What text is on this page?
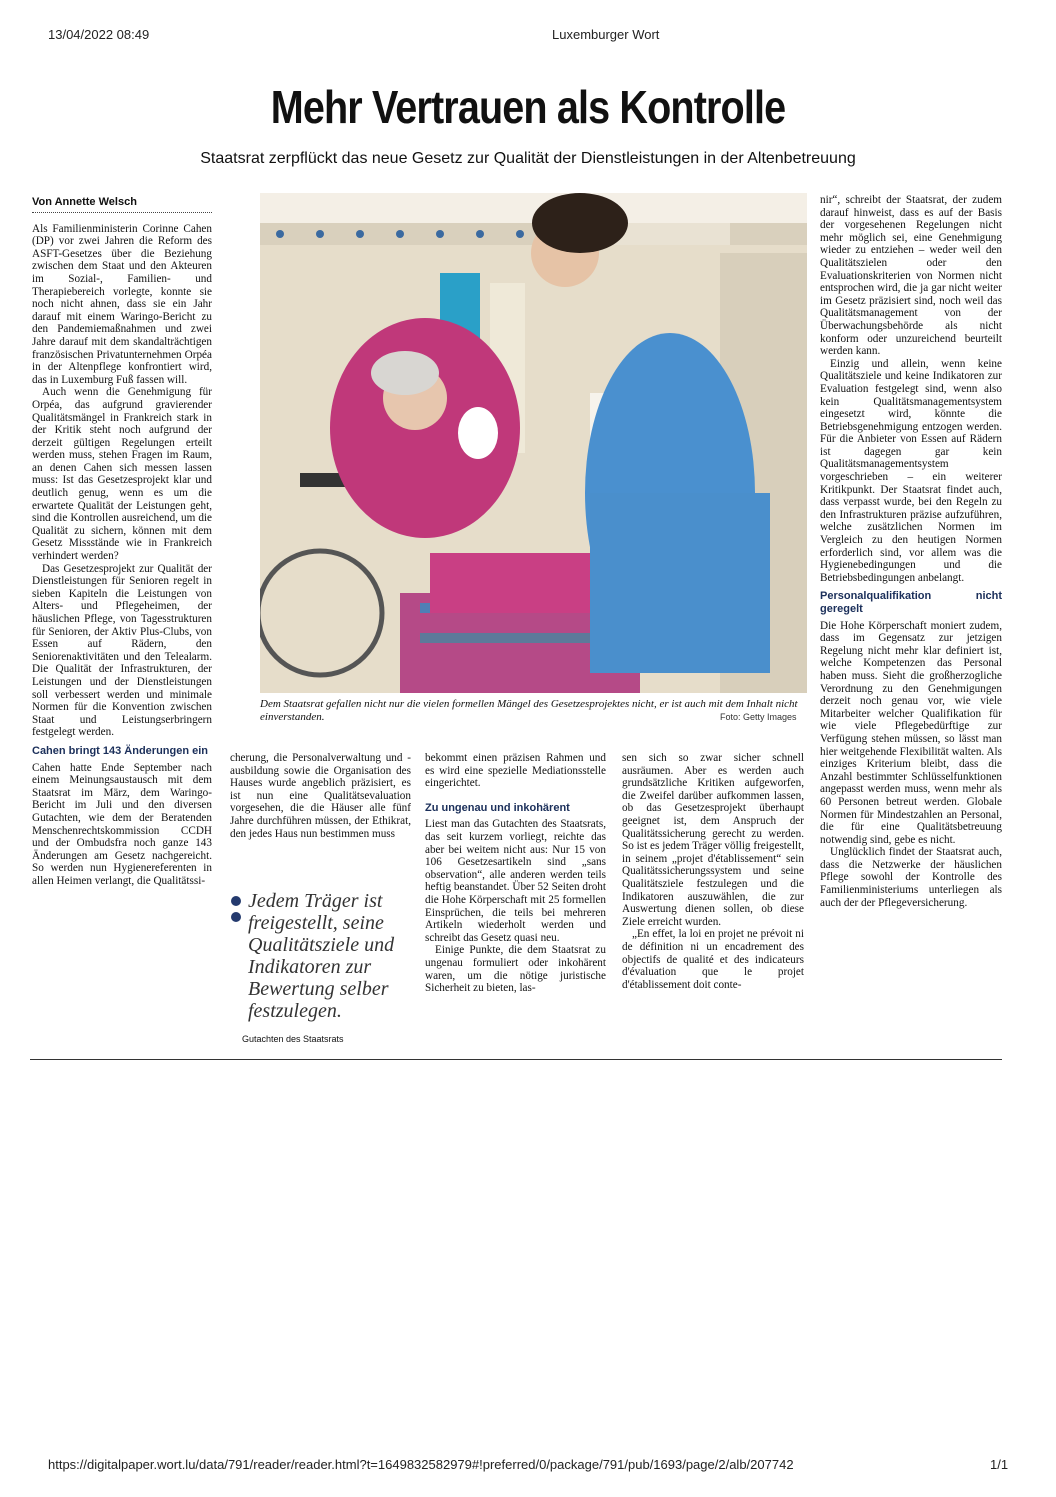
13/04/2022 08:49	Luxemburger Wort
Mehr Vertrauen als Kontrolle
Staatsrat zerpflückt das neue Gesetz zur Qualität der Dienstleistungen in der Altenbetreuung
Von Annette Welsch

Als Familienministerin Corinne Cahen (DP) vor zwei Jahren die Reform des ASFT-Gesetzes über die Beziehung zwischen dem Staat und den Akteuren im Sozial-, Familien- und Therapiebereich vorlegte, konnte sie noch nicht ahnen, dass sie ein Jahr darauf mit einem Waringo-Bericht zu den Pandemiemaßnahmen und zwei Jahre darauf mit dem skandalträchtigen französischen Privatunternehmen Orpéa in der Altenpflege konfrontiert wird, das in Luxemburg Fuß fassen will.

Auch wenn die Genehmigung für Orpéa, das aufgrund gravierender Qualitätsmängel in Frankreich stark in der Kritik steht noch aufgrund der derzeit gültigen Regelungen erteilt werden muss, stehen Fragen im Raum, an denen Cahen sich messen lassen muss: Ist das Gesetzesprojekt klar und deutlich genug, wenn es um die erwartete Qualität der Leistungen geht, sind die Kontrollen ausreichend, um die Qualität zu sichern, können mit dem Gesetz Missstände wie in Frankreich verhindert werden?

Das Gesetzesprojekt zur Qualität der Dienstleistungen für Senioren regelt in sieben Kapiteln die Leistungen von Alters- und Pflegeheimen, der häuslichen Pflege, von Tagesstrukturen für Senioren, der Aktiv Plus-Clubs, von Essen auf Rädern, den Seniorenaktivitäten und den Telealarm. Die Qualität der Infrastrukturen, der Leistungen und der Dienstleistungen soll verbessert werden und minimale Normen für die Konvention zwischen Staat und Leistungserbringern festgelegt werden.

Cahen bringt 143 Änderungen ein

Cahen hatte Ende September nach einem Meinungsaustausch mit dem Staatsrat im März, dem Waringo-Bericht im Juli und den diversen Gutachten, wie dem der Beratenden Menschenrechtskommission CCDH und der Ombudsfra noch ganze 143 Änderungen am Gesetz nachgereicht. So werden nun Hygienereferenten in allen Heimen verlangt, die Qualitätssi-

Dem Staatsrat gefallen nicht nur die vielen formellen Mängel des Gesetzesprojektes nicht, er ist auch mit dem Inhalt nicht einverstanden.	Foto: Getty Images

cherung, die Personalverwaltung und -ausbildung sowie die Organisation des Hauses wurde angeblich präzisiert, es ist nun eine Qualitätsevaluation vorgesehen, die die Häuser alle fünf Jahre durchführen müssen, der Ethikrat, den jedes Haus nun bestimmen muss

Jedem Träger ist freigestellt, seine Qualitätsziele und Indikatoren zur Bewertung selber festzulegen.
Gutachten des Staatsrats

bekommt einen präzisen Rahmen und es wird eine spezielle Mediationsstelle eingerichtet.

Zu ungenau und inkohärent

Liest man das Gutachten des Staatsrats, das seit kurzem vorliegt, reichte das aber bei weitem nicht aus: Nur 15 von 106 Gesetzesartikeln sind „sans observation“, alle anderen werden teils heftig beanstandet. Über 52 Seiten droht die Hohe Körperschaft mit 25 formellen Einsprüchen, die teils bei mehreren Artikeln wiederholt werden und schreibt das Gesetz quasi neu.

Einige Punkte, die dem Staatsrat zu ungenau formuliert oder inkohärent waren, um die nötige juristische Sicherheit zu bieten, las-

sen sich so zwar sicher schnell ausräumen. Aber es werden auch grundsätzliche Kritiken aufgeworfen, die Zweifel darüber aufkommen lassen, ob das Gesetzesprojekt überhaupt geeignet ist, dem Anspruch der Qualitätssicherung gerecht zu werden. So ist es jedem Träger völlig freigestellt, in seinem „projet d'établissement“ sein Qualitätssicherungssystem und seine Qualitätsziele festzulegen und die Indikatoren auszuwählen, die zur Auswertung dienen sollen, ob diese Ziele erreicht wurden.

„En effet, la loi en projet ne prévoit ni de définition ni un encadrement des objectifs de qualité et des indicateurs d'évaluation que le projet d'établissement doit conte-

nir“, schreibt der Staatsrat, der zudem darauf hinweist, dass es auf der Basis der vorgesehenen Regelungen nicht mehr möglich sei, eine Genehmigung wieder zu entziehen – weder weil den Qualitätszielen oder den Evaluationskriterien von Normen nicht entsprochen wird, die ja gar nicht weiter im Gesetz präzisiert sind, noch weil das Qualitätsmanagement von der Überwachungsbehörde als nicht konform oder unzureichend beurteilt werden kann.

Einzig und allein, wenn keine Qualitätsziele und keine Indikatoren zur Evaluation festgelegt sind, wenn also kein Qualitätsmanagementsystem eingesetzt wird, könnte die Betriebsgenehmigung entzogen werden. Für die Anbieter von Essen auf Rädern ist dagegen gar kein Qualitätsmanagementsystem vorgeschrieben – ein weiterer Kritikpunkt. Der Staatsrat findet auch, dass verpasst wurde, bei den Regeln zu den Infrastrukturen präzise aufzuführen, welche zusätzlichen Normen im Vergleich zu den heutigen Normen erforderlich sind, vor allem was die Hygienebedingungen und die Betriebsbedingungen anbelangt.

Personalqualifikation nicht geregelt

Die Hohe Körperschaft moniert zudem, dass im Gegensatz zur jetzigen Regelung nicht mehr klar definiert ist, welche Kompetenzen das Personal haben muss. Sieht die großherzogliche Verordnung zu den Genehmigungen derzeit noch genau vor, wie viele Mitarbeiter welcher Qualifikation für wie viele Pflegebedürftige zur Verfügung stehen müssen, so lässt man hier weitgehende Flexibilität walten. Als einziges Kriterium bleibt, dass die Anzahl bestimmter Schlüsselfunktionen angepasst werden muss, wenn mehr als 60 Personen betreut werden. Globale Normen für Mindestzahlen an Personal, die für eine Qualitätsbetreuung notwendig sind, gebe es nicht.

Unglücklich findet der Staatsrat auch, dass die Netzwerke der häuslichen Pflege sowohl der Kontrolle des Familienministeriums unterliegen als auch der der Pflegeversicherung.

https://digitalpaper.wort.lu/data/791/reader/reader.html?t=1649832582979#!preferred/0/package/791/pub/1693/page/2/alb/207742	1/1
